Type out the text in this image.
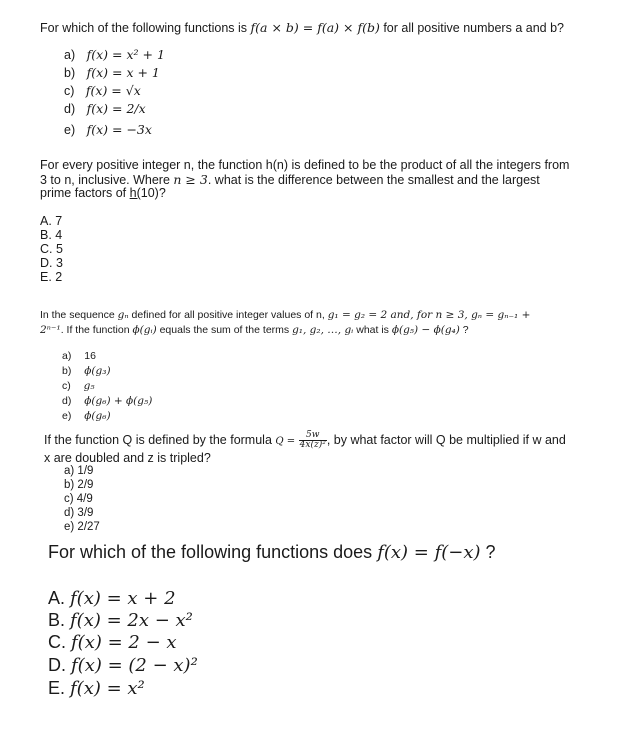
For which of the following functions is f(a × b) = f(a) × f(b) for all positive numbers a and b?
a) f(x) = x² + 1
b) f(x) = x + 1
c) f(x) = √x
d) f(x) = 2/x
e) f(x) = −3x
For every positive integer n, the function h(n) is defined to be the product of all the integers from
3 to n, inclusive. Where n ≥ 3. what is the difference between the smallest and the largest
prime factors of h(10)?
A. 7
B. 4
C. 5
D. 3
E. 2
In the sequence gₙ defined for all positive integer values of n, g₁ = g₂ = 2 and, for n ≥ 3, gₙ = gₙ₋₁ +
2ⁿ⁻¹. If the function ϕ(gᵢ) equals the sum of the terms g₁, g₂, …, gᵢ what is ϕ(g₅) − ϕ(g₄) ?
a) 16
b) ϕ(g₃)
c) g₅
d) ϕ(g₆) + ϕ(g₅)
e) ϕ(g₆)
If the function Q is defined by the formula $Q = \frac{5w}{\text{4x(z)²}}$ , by what factor will Q be multiplied if w and
x are doubled and z is tripled?
a) 1/9
b) 2/9
c) 4/9
d) 3/9
e) 2/27
For which of the following functions does f(x) = f(−x) ?
A. f(x) = x + 2
B. f(x) = 2x − x²
C. f(x) = 2 − x
D. f(x) = (2 − x)²
E. f(x) = x²
